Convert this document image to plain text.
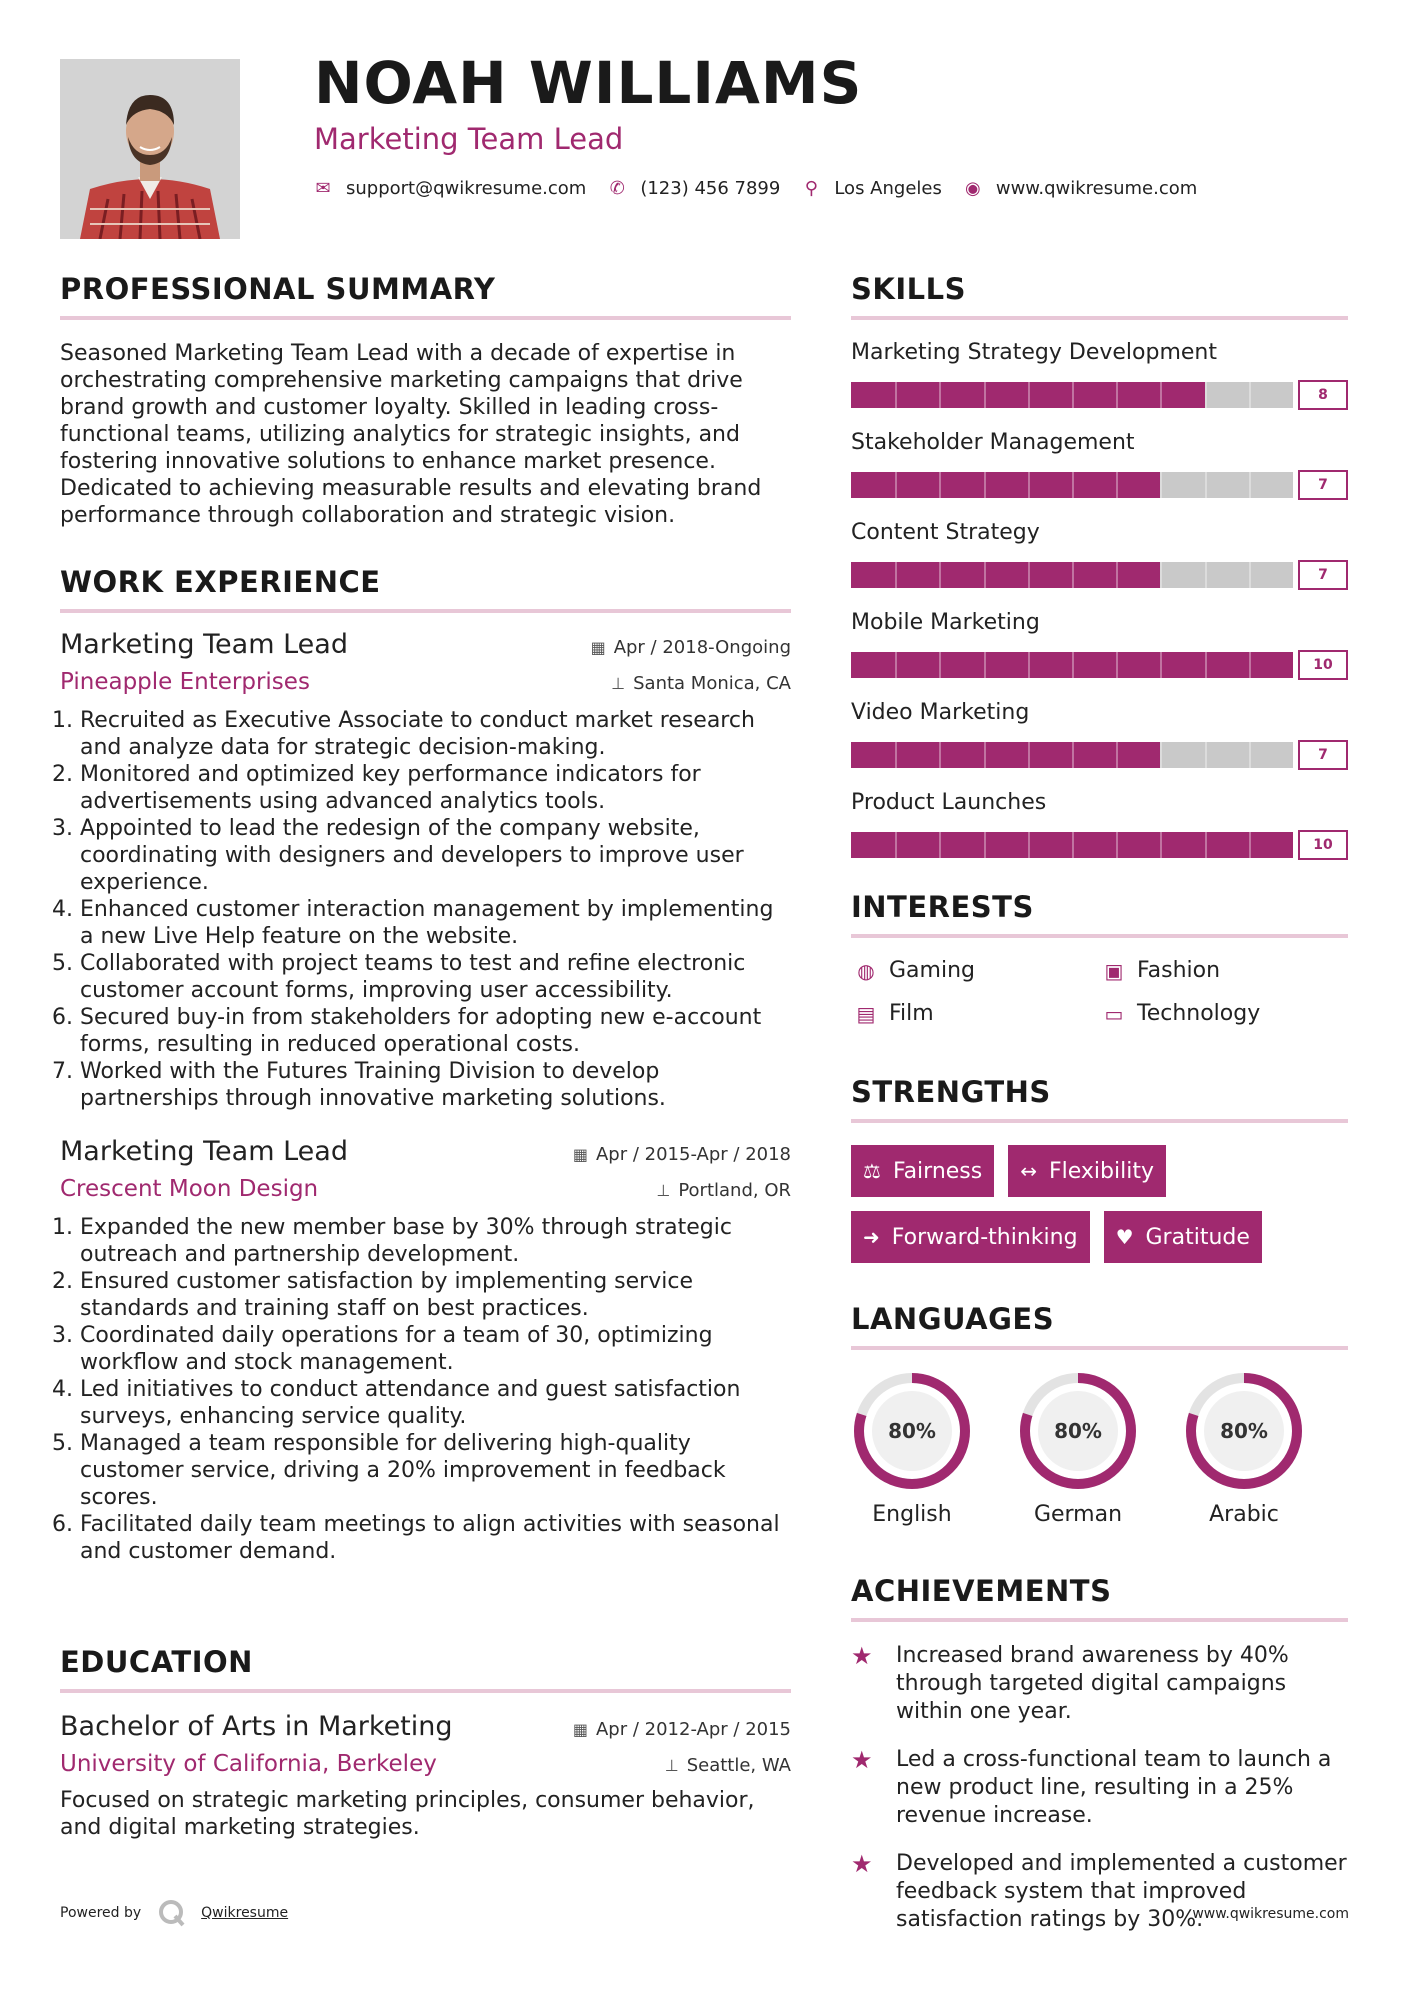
NOAH WILLIAMS
Marketing Team Lead
✉ support@qwikresume.com ✆ (123) 456 7899 ⚲ Los Angeles ◉ www.qwikresume.com
PROFESSIONAL SUMMARY

Seasoned Marketing Team Lead with a decade of expertise in orchestrating comprehensive marketing campaigns that drive brand growth and customer loyalty. Skilled in leading cross-functional teams, utilizing analytics for strategic insights, and fostering innovative solutions to enhance market presence. Dedicated to achieving measurable results and elevating brand performance through collaboration and strategic vision.

WORK EXPERIENCE
Marketing Team Lead	▦ Apr / 2018-Ongoing
Pineapple Enterprises	⊥ Santa Monica, CA
1. Recruited as Executive Associate to conduct market research and analyze data for strategic decision-making.
2. Monitored and optimized key performance indicators for advertisements using advanced analytics tools.
3. Appointed to lead the redesign of the company website, coordinating with designers and developers to improve user experience.
4. Enhanced customer interaction management by implementing a new Live Help feature on the website.
5. Collaborated with project teams to test and refine electronic customer account forms, improving user accessibility.
6. Secured buy-in from stakeholders for adopting new e-account forms, resulting in reduced operational costs.
7. Worked with the Futures Training Division to develop partnerships through innovative marketing solutions.
Marketing Team Lead	▦ Apr / 2015-Apr / 2018
Crescent Moon Design	⊥ Portland, OR
1. Expanded the new member base by 30% through strategic outreach and partnership development.
2. Ensured customer satisfaction by implementing service standards and training staff on best practices.
3. Coordinated daily operations for a team of 30, optimizing workflow and stock management.
4. Led initiatives to conduct attendance and guest satisfaction surveys, enhancing service quality.
5. Managed a team responsible for delivering high-quality customer service, driving a 20% improvement in feedback scores.
6. Facilitated daily team meetings to align activities with seasonal and customer demand.
EDUCATION
Bachelor of Arts in Marketing	▦ Apr / 2012-Apr / 2015
University of California, Berkeley	⊥ Seattle, WA

Focused on strategic marketing principles, consumer behavior, and digital marketing strategies.

SKILLS
Marketing Strategy Development
8
Stakeholder Management
7
Content Strategy
7
Mobile Marketing
10
Video Marketing
7
Product Launches
10
INTERESTS
◍ Gaming	▣ Fashion
▤ Film	▭ Technology
STRENGTHS
⚖ Fairness ↔ Flexibility
➜ Forward-thinking ♥ Gratitude
LANGUAGES
80%
English
80%
German
80%
Arabic
ACHIEVEMENTS
★	Increased brand awareness by 40% through targeted digital campaigns within one year.
★	Led a cross-functional team to launch a new product line, resulting in a 25% revenue increase.
★	Developed and implemented a customer feedback system that improved satisfaction ratings by 30%.
Powered by	Qwikresume	www.qwikresume.com
